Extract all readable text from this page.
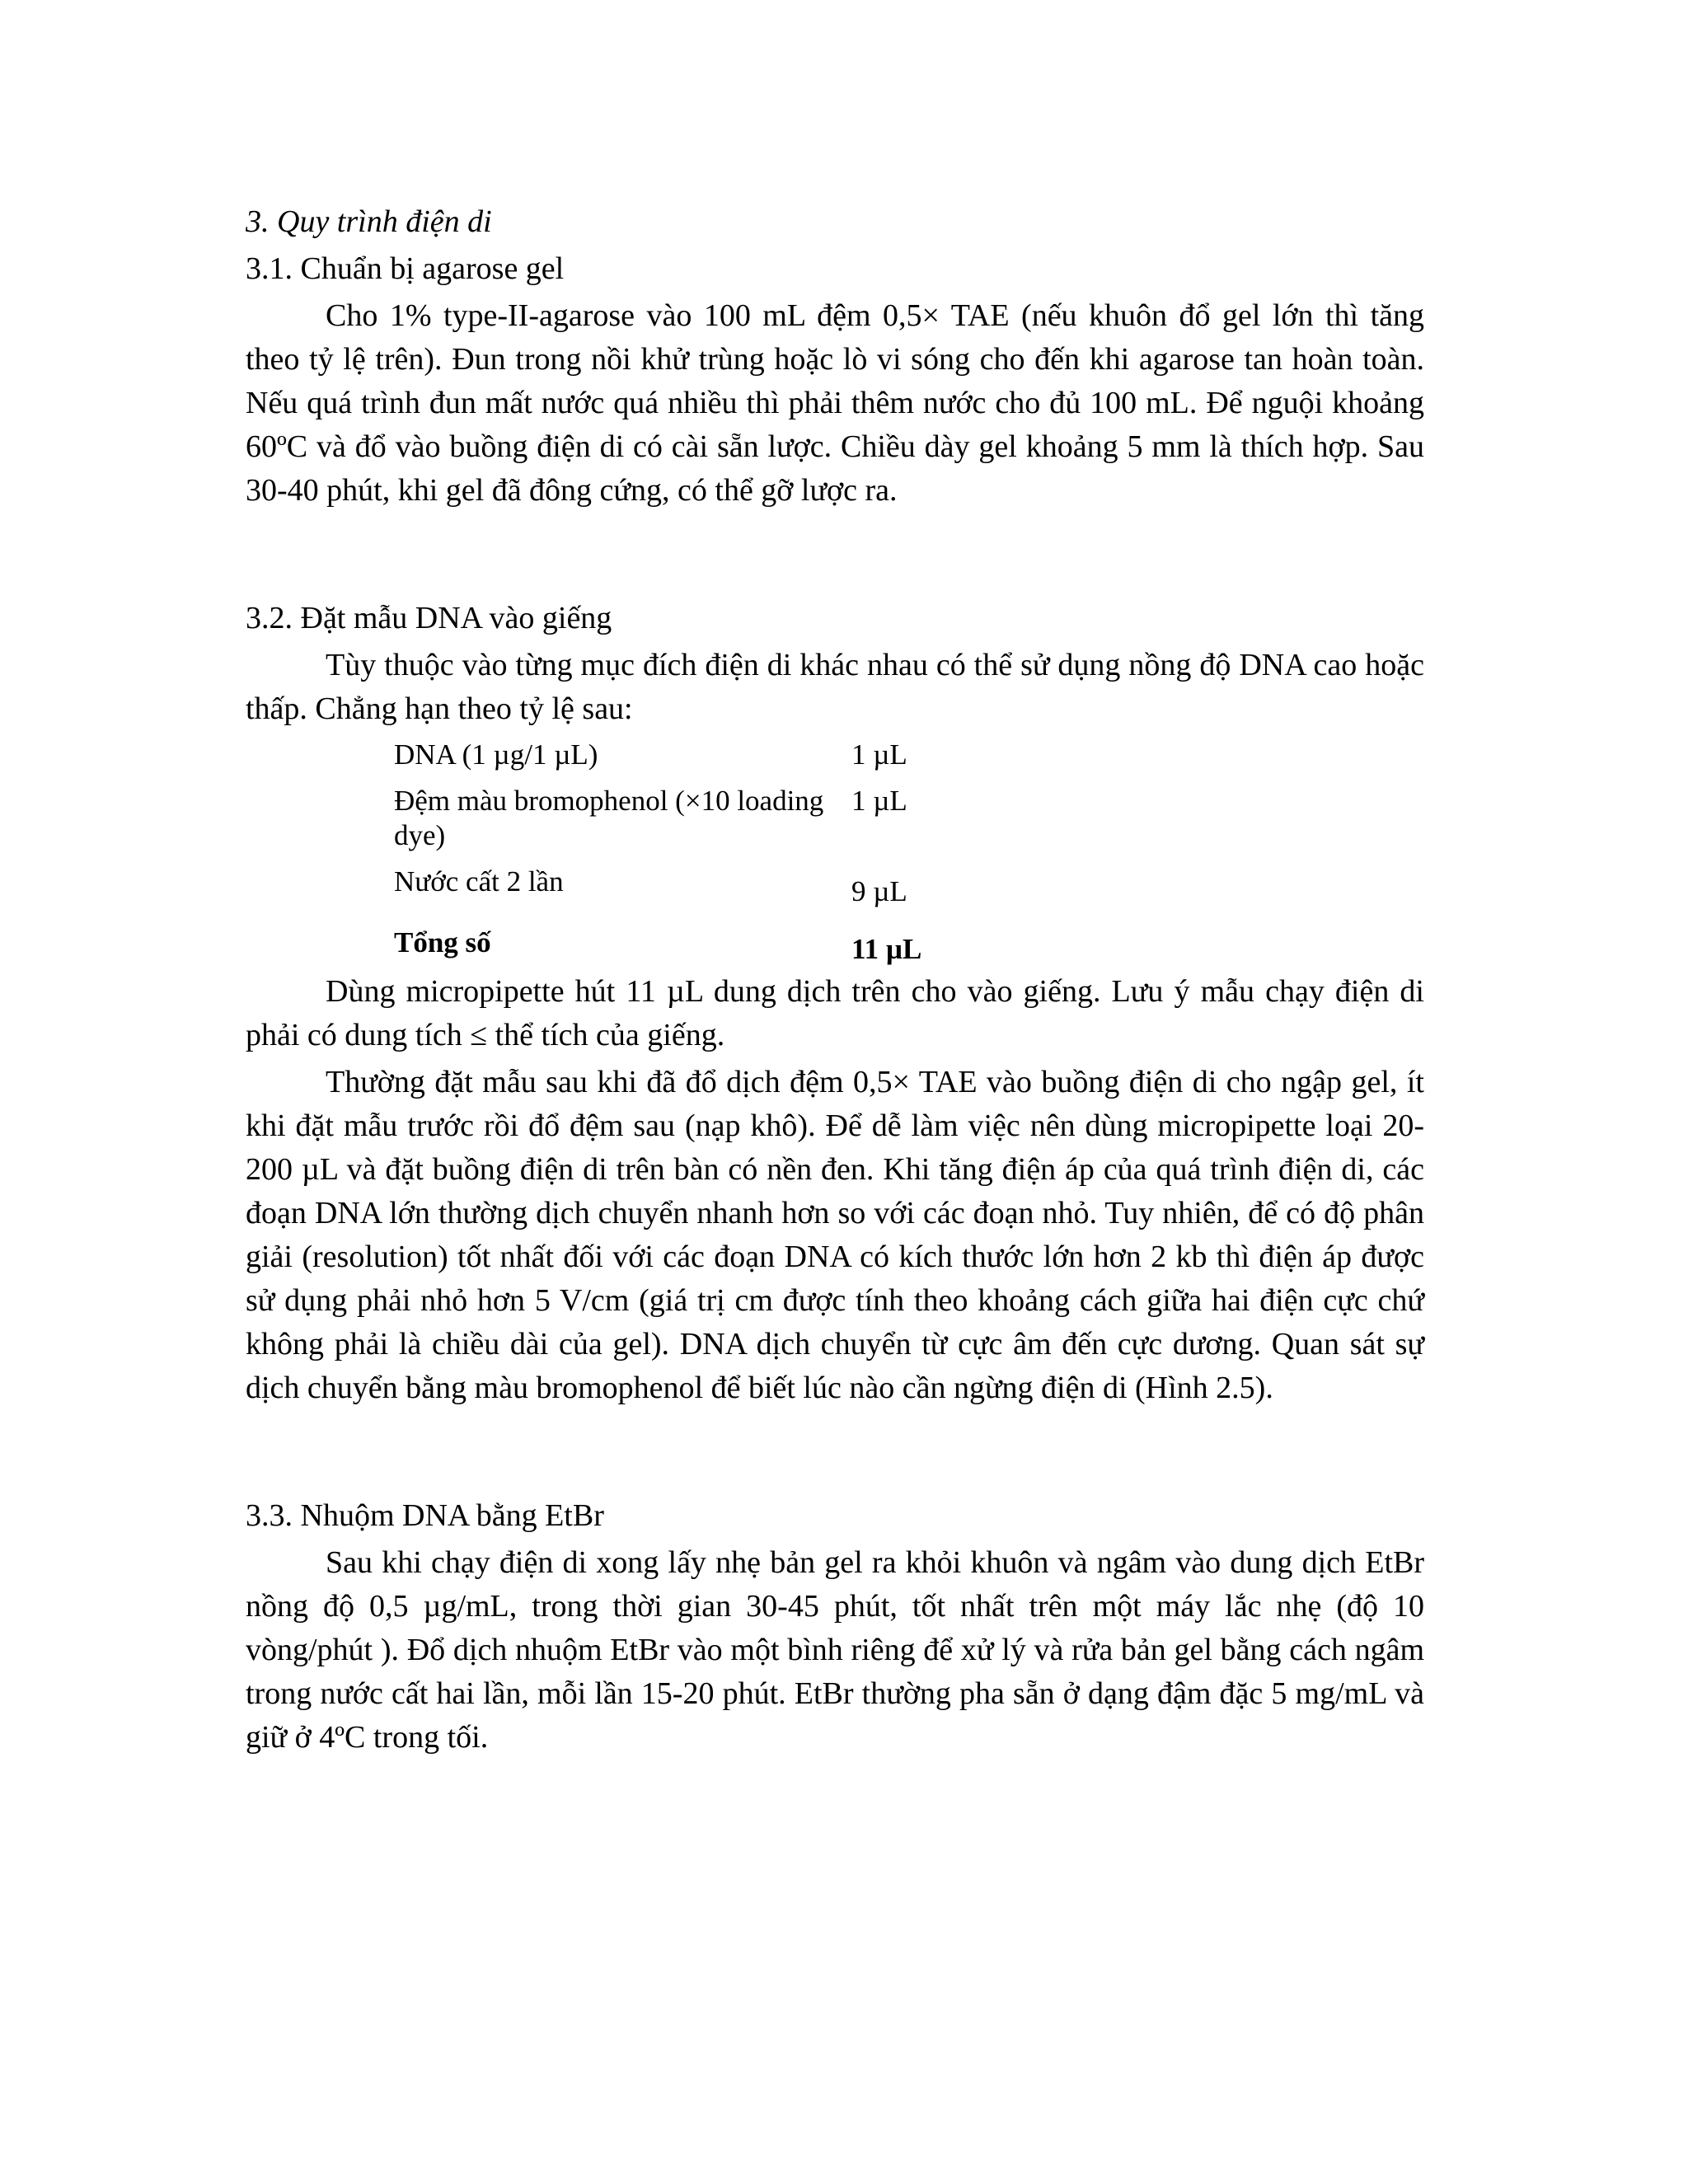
3. Quy trình điện di
3.1. Chuẩn bị agarose gel

Cho 1% type-II-agarose vào 100 mL đệm 0,5× TAE (nếu khuôn đổ gel lớn thì tăng theo tỷ lệ trên). Đun trong nồi khử trùng hoặc lò vi sóng cho đến khi agarose tan hoàn toàn. Nếu quá trình đun mất nước quá nhiều thì phải thêm nước cho đủ 100 mL. Để nguội khoảng 60ºC và đổ vào buồng điện di có cài sẵn lược. Chiều dày gel khoảng 5 mm là thích hợp. Sau 30-40 phút, khi gel đã đông cứng, có thể gỡ lược ra.

3.2. Đặt mẫu DNA vào giếng

Tùy thuộc vào từng mục đích điện di khác nhau có thể sử dụng nồng độ DNA cao hoặc thấp. Chẳng hạn theo tỷ lệ sau:

DNA (1 µg/1 µL)	1 µL
Đệm màu bromophenol (×10 loading dye)	1 µL
Nước cất 2 lần	9 µL
Tổng số	11 µL

Dùng micropipette hút 11 µL dung dịch trên cho vào giếng. Lưu ý mẫu chạy điện di phải có dung tích ≤ thể tích của giếng.

Thường đặt mẫu sau khi đã đổ dịch đệm 0,5× TAE vào buồng điện di cho ngập gel, ít khi đặt mẫu trước rồi đổ đệm sau (nạp khô). Để dễ làm việc nên dùng micropipette loại 20-200 µL và đặt buồng điện di trên bàn có nền đen. Khi tăng điện áp của quá trình điện di, các đoạn DNA lớn thường dịch chuyển nhanh hơn so với các đoạn nhỏ. Tuy nhiên, để có độ phân giải (resolution) tốt nhất đối với các đoạn DNA có kích thước lớn hơn 2 kb thì điện áp được sử dụng phải nhỏ hơn 5 V/cm (giá trị cm được tính theo khoảng cách giữa hai điện cực chứ không phải là chiều dài của gel). DNA dịch chuyển từ cực âm đến cực dương. Quan sát sự dịch chuyển bằng màu bromophenol để biết lúc nào cần ngừng điện di (Hình 2.5).

3.3. Nhuộm DNA bằng EtBr

Sau khi chạy điện di xong lấy nhẹ bản gel ra khỏi khuôn và ngâm vào dung dịch EtBr nồng độ 0,5 µg/mL, trong thời gian 30-45 phút, tốt nhất trên một máy lắc nhẹ (độ 10 vòng/phút ). Đổ dịch nhuộm EtBr vào một bình riêng để xử lý và rửa bản gel bằng cách ngâm trong nước cất hai lần, mỗi lần 15-20 phút. EtBr thường pha sẵn ở dạng đậm đặc 5 mg/mL và giữ ở 4ºC trong tối.
